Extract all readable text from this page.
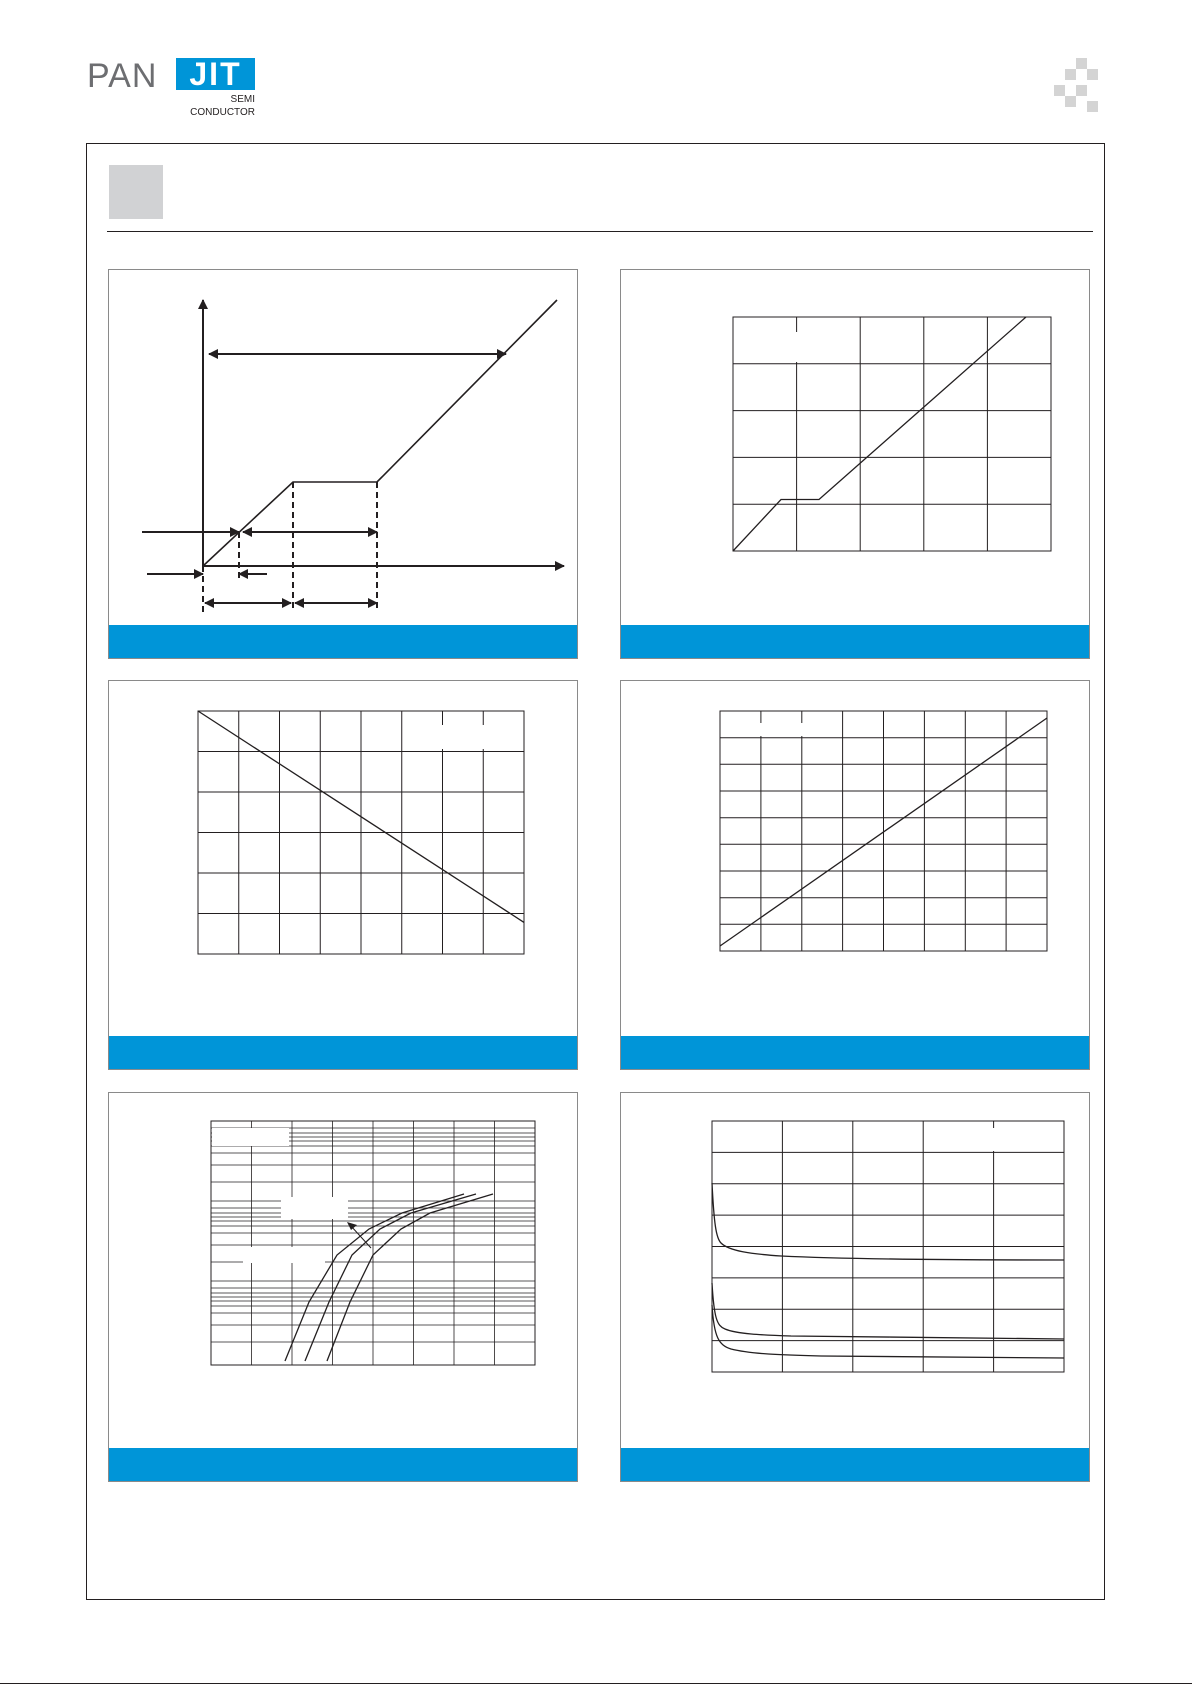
PAN JIT
SEMI
CONDUCTOR
